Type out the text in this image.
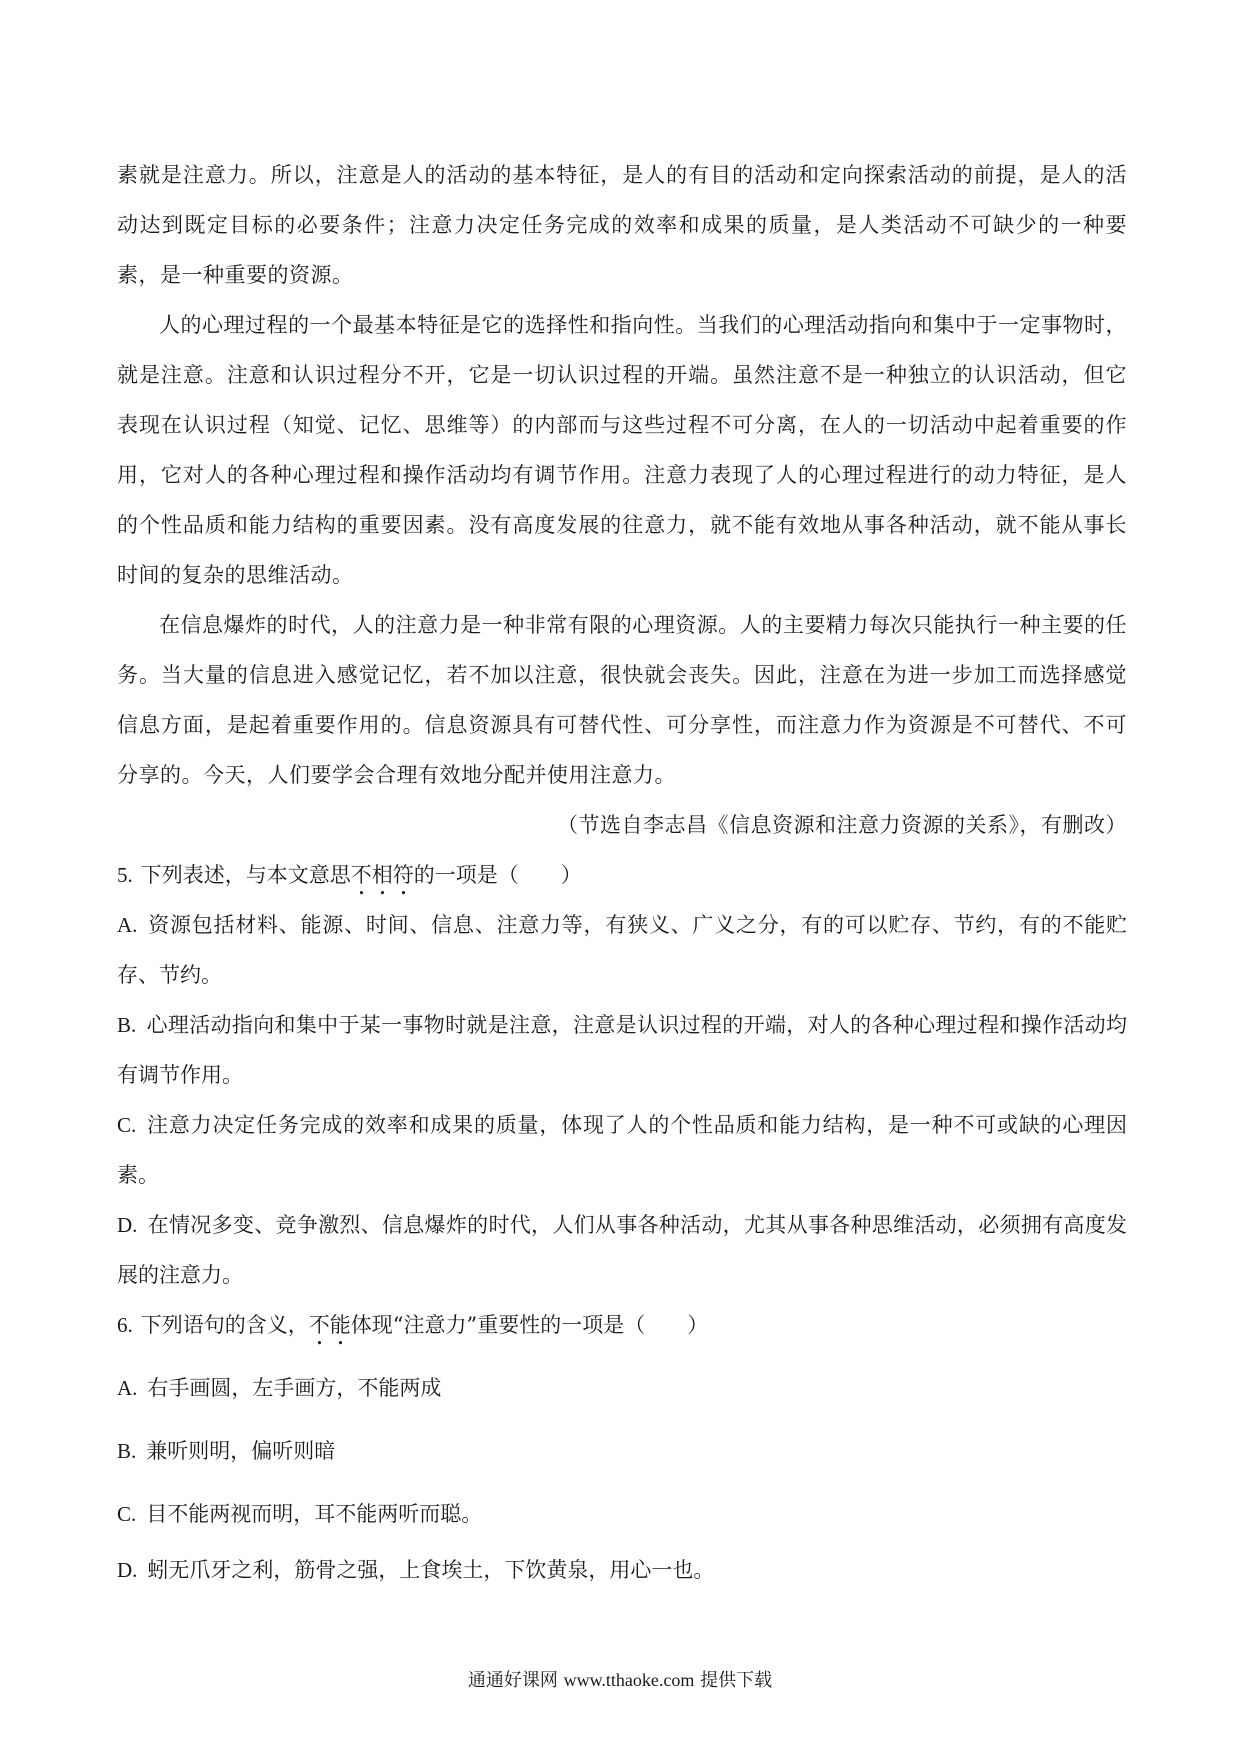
素就是注意力。所以，注意是人的活动的基本特征，是人的有目的活动和定向探索活动的前提，是人的活动达到既定目标的必要条件；注意力决定任务完成的效率和成果的质量，是人类活动不可缺少的一种要素，是一种重要的资源。

人的心理过程的一个最基本特征是它的选择性和指向性。当我们的心理活动指向和集中于一定事物时，就是注意。注意和认识过程分不开，它是一切认识过程的开端。虽然注意不是一种独立的认识活动，但它表现在认识过程（知觉、记忆、思维等）的内部而与这些过程不可分离，在人的一切活动中起着重要的作用，它对人的各种心理过程和操作活动均有调节作用。注意力表现了人的心理过程进行的动力特征，是人的个性品质和能力结构的重要因素。没有高度发展的往意力，就不能有效地从事各种活动，就不能从事长时间的复杂的思维活动。

在信息爆炸的时代，人的注意力是一种非常有限的心理资源。人的主要精力每次只能执行一种主要的任务。当大量的信息进入感觉记忆，若不加以注意，很快就会丧失。因此，注意在为进一步加工而选择感觉信息方面，是起着重要作用的。信息资源具有可替代性、可分享性，而注意力作为资源是不可替代、不可分享的。今天，人们要学会合理有效地分配并使用注意力。

（节选自李志昌《信息资源和注意力资源的关系》，有删改）

5. 下列表述，与本文意思不相符的一项是（　　）

A. 资源包括材料、能源、时间、信息、注意力等，有狭义、广义之分，有的可以贮存、节约，有的不能贮存、节约。

B. 心理活动指向和集中于某一事物时就是注意，注意是认识过程的开端，对人的各种心理过程和操作活动均有调节作用。

C. 注意力决定任务完成的效率和成果的质量，体现了人的个性品质和能力结构，是一种不可或缺的心理因素。

D. 在情况多变、竞争激烈、信息爆炸的时代，人们从事各种活动，尤其从事各种思维活动，必须拥有高度发展的注意力。

6. 下列语句的含义，不能体现“注意力”重要性的一项是（　　）

A. 右手画圆，左手画方，不能两成

B. 兼听则明，偏听则暗

C. 目不能两视而明，耳不能两听而聪。

D. 蚓无爪牙之利，筋骨之强，上食埃土，下饮黄泉，用心一也。

通通好课网 www.tthaoke.com 提供下载
